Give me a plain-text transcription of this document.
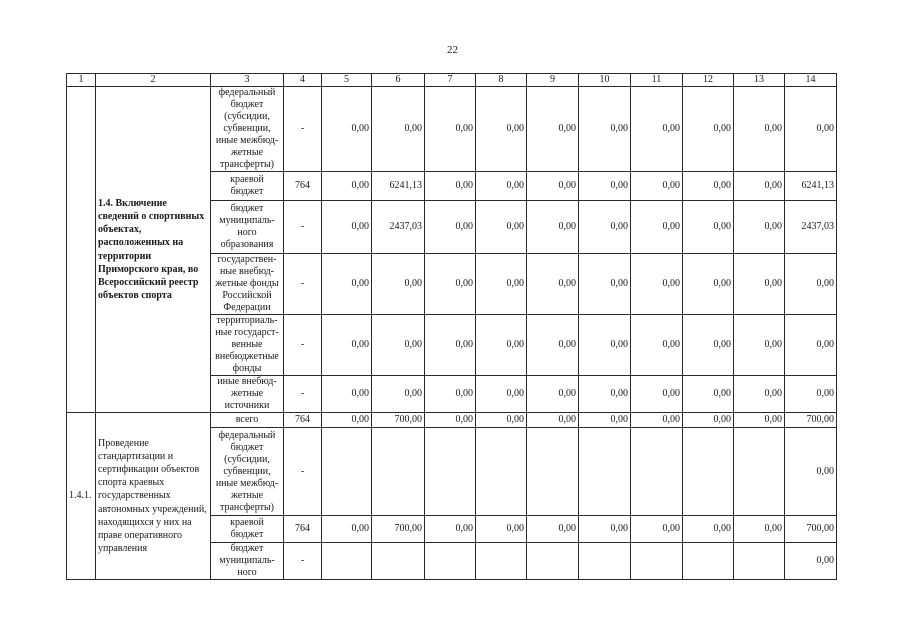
22
1	2	3	4	5	6	7	8	9	10	11	12	13	14
	1.4. Включение сведений о спортивных объектах, расположенных на территории Приморского края, во Всероссийский реестр объектов спорта	федеральный бюджет (субсидии, субвенции, иные межбюд-жетные трансферты)	-	0,00	0,00	0,00	0,00	0,00	0,00	0,00	0,00	0,00	0,00
		краевой бюджет	764	0,00	6241,13	0,00	0,00	0,00	0,00	0,00	0,00	0,00	6241,13
		бюджет муниципаль-ного образования	-	0,00	2437,03	0,00	0,00	0,00	0,00	0,00	0,00	0,00	2437,03
		государствен-ные внебюд-жетные фонды Российской Федерации	-	0,00	0,00	0,00	0,00	0,00	0,00	0,00	0,00	0,00	0,00
		территориаль-ные государст-венные внебюджетные фонды	-	0,00	0,00	0,00	0,00	0,00	0,00	0,00	0,00	0,00	0,00
		иные внебюд-жетные источники	-	0,00	0,00	0,00	0,00	0,00	0,00	0,00	0,00	0,00	0,00
1.4.1.	Проведение стандартизации и сертификации объектов спорта краевых государственных автономных учреждений, находящихся у них на праве оперативного управления	всего	764	0,00	700,00	0,00	0,00	0,00	0,00	0,00	0,00	0,00	700,00
		федеральный бюджет (субсидии, субвенции, иные межбюд-жетные трансферты)	-										0,00
		краевой бюджет	764	0,00	700,00	0,00	0,00	0,00	0,00	0,00	0,00	0,00	700,00
		бюджет муниципаль-ного	-										0,00
